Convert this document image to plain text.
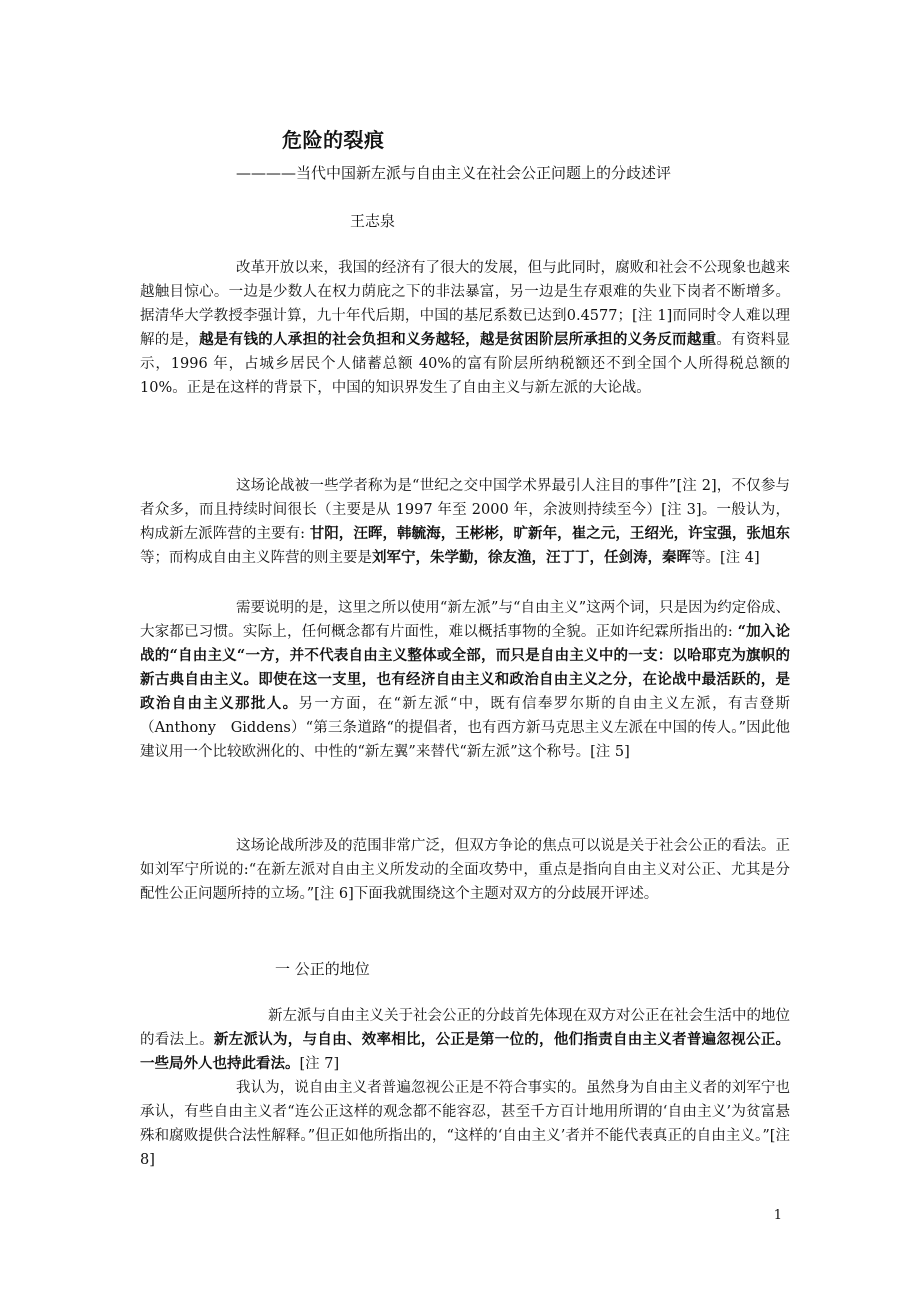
危险的裂痕
————当代中国新左派与自由主义在社会公正问题上的分歧述评
王志泉

改革开放以来，我国的经济有了很大的发展，但与此同时，腐败和社会不公现象也越来越触目惊心。一边是少数人在权力荫庇之下的非法暴富，另一边是生存艰难的失业下岗者不断增多。据清华大学教授李强计算，九十年代后期，中国的基尼系数已达到0.4577；[注 1]而同时令人难以理解的是，越是有钱的人承担的社会负担和义务越轻，越是贫困阶层所承担的义务反而越重。有资料显示，1996 年，占城乡居民个人储蓄总额 40%的富有阶层所纳税额还不到全国个人所得税总额的 10%。正是在这样的背景下，中国的知识界发生了自由主义与新左派的大论战。

这场论战被一些学者称为是“世纪之交中国学术界最引人注目的事件”[注 2]，不仅参与者众多，而且持续时间很长（主要是从 1997 年至 2000 年，余波则持续至今）[注 3]。一般认为，构成新左派阵营的主要有: 甘阳，汪晖，韩毓海，王彬彬，旷新年，崔之元，王绍光，许宝强，张旭东等；而构成自由主义阵营的则主要是刘军宁，朱学勤，徐友渔，汪丁丁，任剑涛，秦晖等。[注 4]

需要说明的是，这里之所以使用“新左派”与“自由主义”这两个词，只是因为约定俗成、大家都已习惯。实际上，任何概念都有片面性，难以概括事物的全貌。正如许纪霖所指出的: “加入论战的“自由主义“一方，并不代表自由主义整体或全部，而只是自由主义中的一支：以哈耶克为旗帜的新古典自由主义。即使在这一支里，也有经济自由主义和政治自由主义之分，在论战中最活跃的，是政治自由主义那批人。另一方面，在“新左派“中，既有信奉罗尔斯的自由主义左派，有吉登斯（Anthony　Giddens）“第三条道路“的提倡者，也有西方新马克思主义左派在中国的传人。”因此他建议用一个比较欧洲化的、中性的“新左翼”来替代“新左派”这个称号。[注 5]

这场论战所涉及的范围非常广泛，但双方争论的焦点可以说是关于社会公正的看法。正如刘军宁所说的:“在新左派对自由主义所发动的全面攻势中，重点是指向自由主义对公正、尤其是分配性公正问题所持的立场。”[注 6]下面我就围绕这个主题对双方的分歧展开评述。

一 公正的地位

新左派与自由主义关于社会公正的分歧首先体现在双方对公正在社会生活中的地位的看法上。新左派认为，与自由、效率相比，公正是第一位的，他们指责自由主义者普遍忽视公正。一些局外人也持此看法。[注 7]

我认为，说自由主义者普遍忽视公正是不符合事实的。虽然身为自由主义者的刘军宁也承认，有些自由主义者“连公正这样的观念都不能容忍，甚至千方百计地用所谓的‘自由主义’为贫富悬殊和腐败提供合法性解释。”但正如他所指出的，“这样的‘自由主义’者并不能代表真正的自由主义。”[注 8]

1
